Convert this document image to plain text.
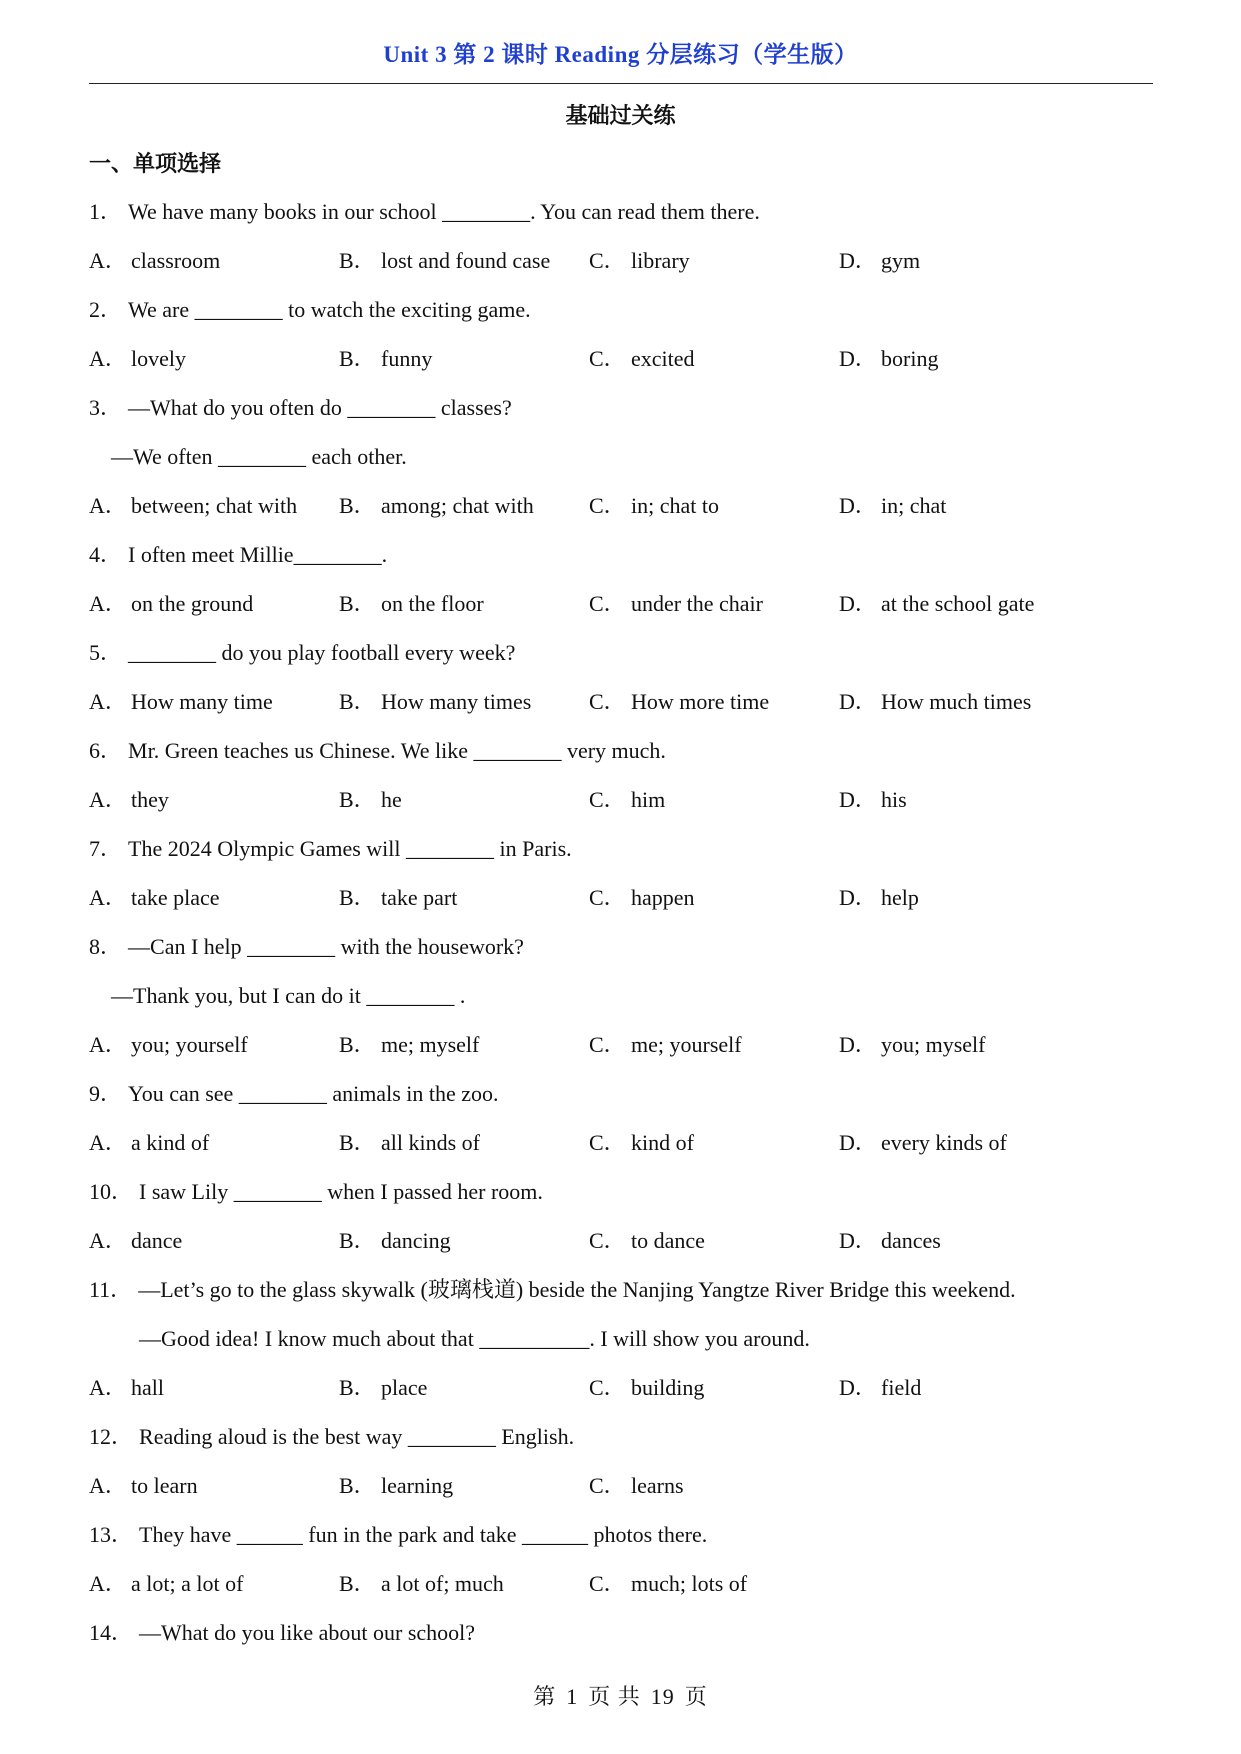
Unit 3 第 2 课时 Reading 分层练习（学生版）
基础过关练
一、单项选择
1． We have many books in our school ________. You can read them there.
A． classroom	B． lost and found case	C． library	D． gym
2． We are ________ to watch the exciting game.
A． lovely	B． funny	C． excited	D． boring
3． —What do you often do ________ classes?
—We often ________ each other.
A． between; chat with	B． among; chat with	C． in; chat to	D． in; chat
4． I often meet Millie________.
A． on the ground	B． on the floor	C． under the chair	D． at the school gate
5． ________ do you play football every week?
A． How many time	B． How many times	C． How more time	D． How much times
6． Mr. Green teaches us Chinese. We like ________ very much.
A． they	B． he	C． him	D． his
7． The 2024 Olympic Games will ________ in Paris.
A． take place	B． take part	C． happen	D． help
8． —Can I help ________ with the housework?
—Thank you, but I can do it ________ .
A． you; yourself	B． me; myself	C． me; yourself	D． you; myself
9． You can see ________ animals in the zoo.
A． a kind of	B． all kinds of	C． kind of	D． every kinds of
10． I saw Lily ________ when I passed her room.
A． dance	B． dancing	C． to dance	D． dances
11． —Let’s go to the glass skywalk (玻璃栈道) beside the Nanjing Yangtze River Bridge this weekend.
—Good idea! I know much about that __________. I will show you around.
A． hall	B． place	C． building	D． field
12． Reading aloud is the best way ________ English.
A． to learn	B． learning	C． learns
13． They have ______ fun in the park and take ______ photos there.
A． a lot; a lot of	B． a lot of; much	C． much; lots of
14． —What do you like about our school?
第 1 页 共 19 页
